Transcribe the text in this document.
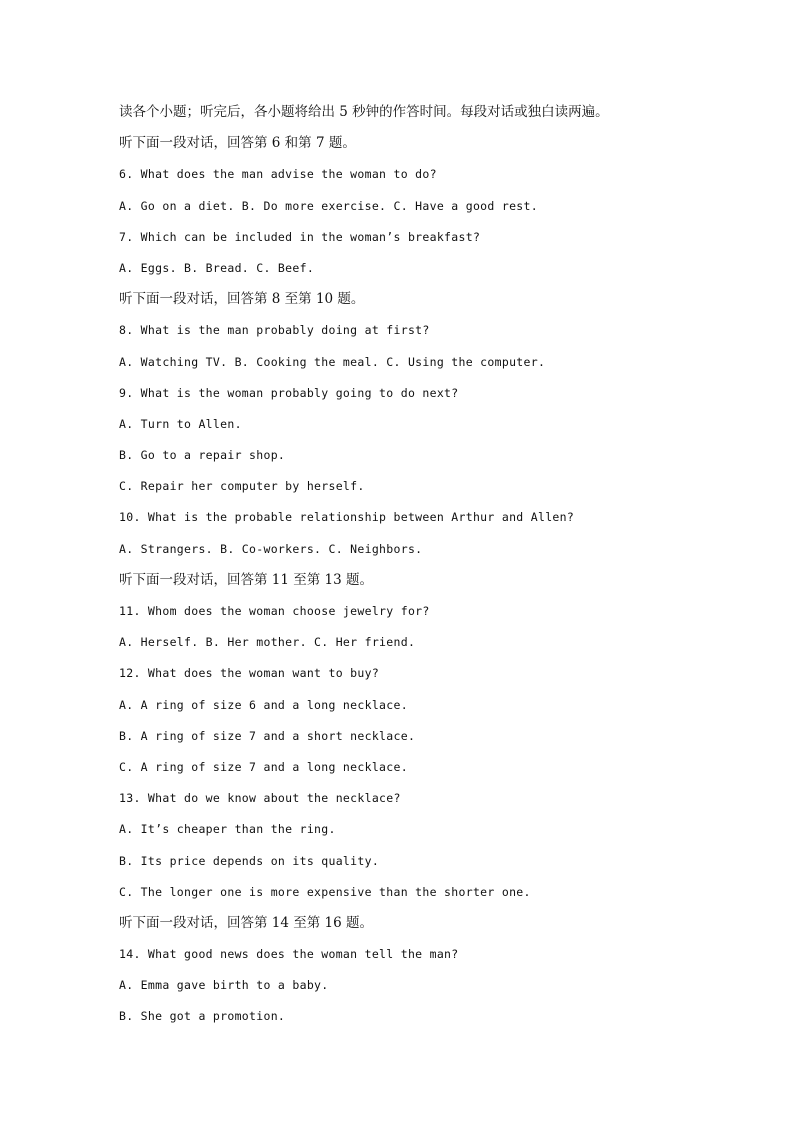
读各个小题；听完后，各小题将给出 5 秒钟的作答时间。每段对话或独白读两遍。
听下面一段对话，回答第 6 和第 7 题。
6. What does the man advise the woman to do?
A. Go on a diet. B. Do more exercise. C. Have a good rest.
7. Which can be included in the woman’s breakfast?
A. Eggs. B. Bread. C. Beef.
听下面一段对话，回答第 8 至第 10 题。
8. What is the man probably doing at first?
A. Watching TV. B. Cooking the meal. C. Using the computer.
9. What is the woman probably going to do next?
A. Turn to Allen.
B. Go to a repair shop.
C. Repair her computer by herself.
10. What is the probable relationship between Arthur and Allen?
A. Strangers. B. Co-workers. C. Neighbors.
听下面一段对话，回答第 11 至第 13 题。
11. Whom does the woman choose jewelry for?
A. Herself. B. Her mother. C. Her friend.
12. What does the woman want to buy?
A. A ring of size 6 and a long necklace.
B. A ring of size 7 and a short necklace.
C. A ring of size 7 and a long necklace.
13. What do we know about the necklace?
A. It’s cheaper than the ring.
B. Its price depends on its quality.
C. The longer one is more expensive than the shorter one.
听下面一段对话，回答第 14 至第 16 题。
14. What good news does the woman tell the man?
A. Emma gave birth to a baby.
B. She got a promotion.
